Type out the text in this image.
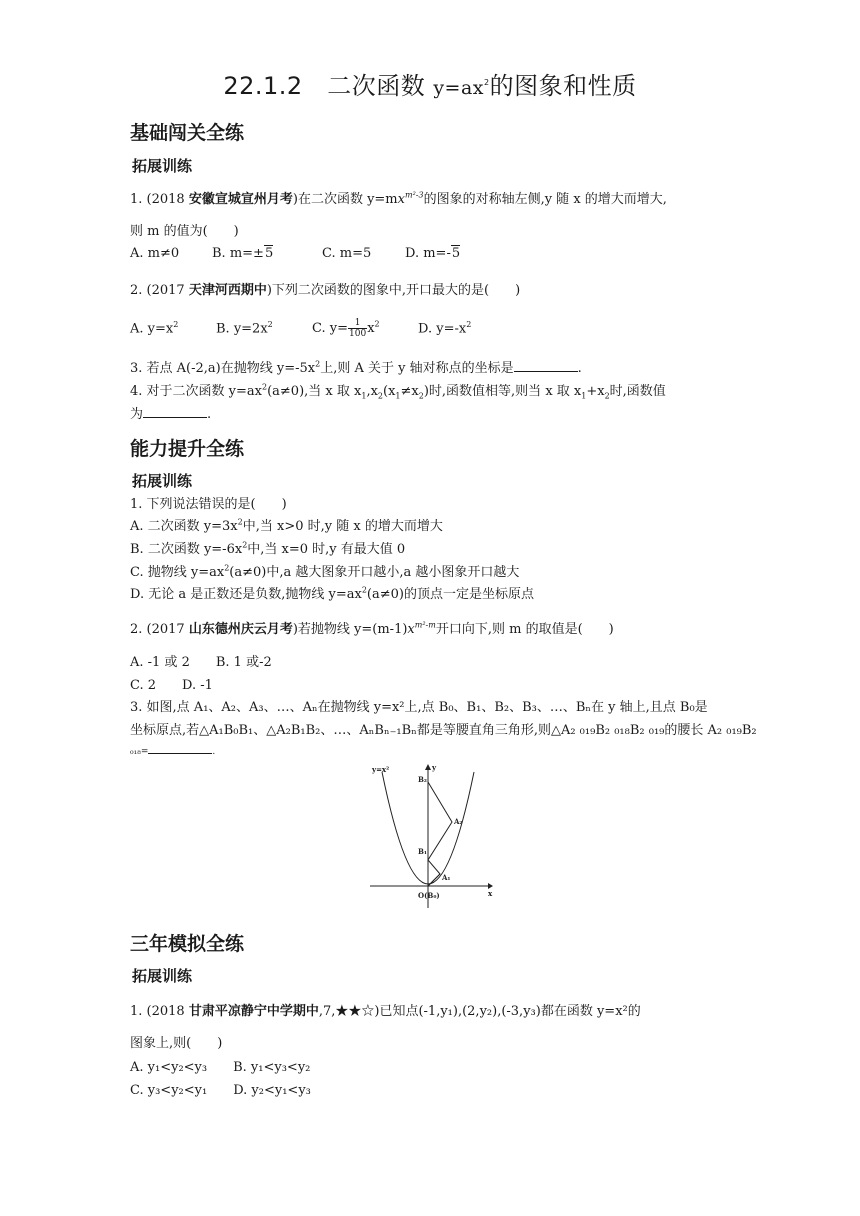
22.1.2　二次函数 $y=ax^2$的图象和性质
基础闯关全练
拓展训练
1. (2018 安徽宣城宣州月考)在二次函数 $y=mx^{m^2-3}$的图象的对称轴左侧,y 随 x 的增大而增大,
则 m 的值为(　　)
A. m≠0	B. m=±5	C. m=5	D. m=-5
2. (2017 天津河西期中)下列二次函数的图象中,开口最大的是(　　)
A. $y=x^2$	B. $y=2x^2$	C. $y= \frac{1}{100} x^2$	D. $y=-x^2$
3. 若点 A(-2,a)在抛物线 $y=-5x^2$上,则 A 关于 y 轴对称点的坐标是	.
4. 对于二次函数 $y=ax^2(a\ne 0)$,当 x 取 $x_1,x_2(x_1\ne x_2)$时,函数值相等,则当 x 取 $x_1+x_2$时,函数值
为	.
能力提升全练
拓展训练
1. 下列说法错误的是(　　)
A. 二次函数 $y=3x^2$中,当 x>0 时,y 随 x 的增大而增大
B. 二次函数 $y=-6x^2$中,当 x=0 时,y 有最大值 0
C. 抛物线 $y=ax^2(a\ne 0)$中,a 越大图象开口越小,a 越小图象开口越大
D. 无论 a 是正数还是负数,抛物线 $y=ax^2(a\ne 0)$的顶点一定是坐标原点
2. (2017 山东德州庆云月考)若抛物线 $y=(m-1)x^{m^2-m}$开口向下,则 m 的取值是(　　)
A. -1 或 2　　B. 1 或-2
C. 2　　D. -1
3. 如图,点 A₁、A₂、A₃、…、Aₙ在抛物线 y=x²上,点 B₀、B₁、B₂、B₃、…、Bₙ在 y 轴上,且点 B₀是
坐标原点,若△A₁B₀B₁、△A₂B₁B₂、…、AₙBₙ₋₁Bₙ都是等腰直角三角形,则△A₂ ₀₁₉B₂ ₀₁₈B₂ ₀₁₉的腰长 A₂ ₀₁₉B₂
₀₁₈=	.
y=x²
x
y
B₂
A₂
B₁
A₁
O(B₀)
三年模拟全练
拓展训练
1. (2018 甘肃平凉静宁中学期中,7,★★☆)已知点(-1,y₁),(2,y₂),(-3,y₃)都在函数 y=x²的
图象上,则(　　)
A. y₁<y₂<y₃　　B. y₁<y₃<y₂
C. y₃<y₂<y₁　　D. y₂<y₁<y₃
